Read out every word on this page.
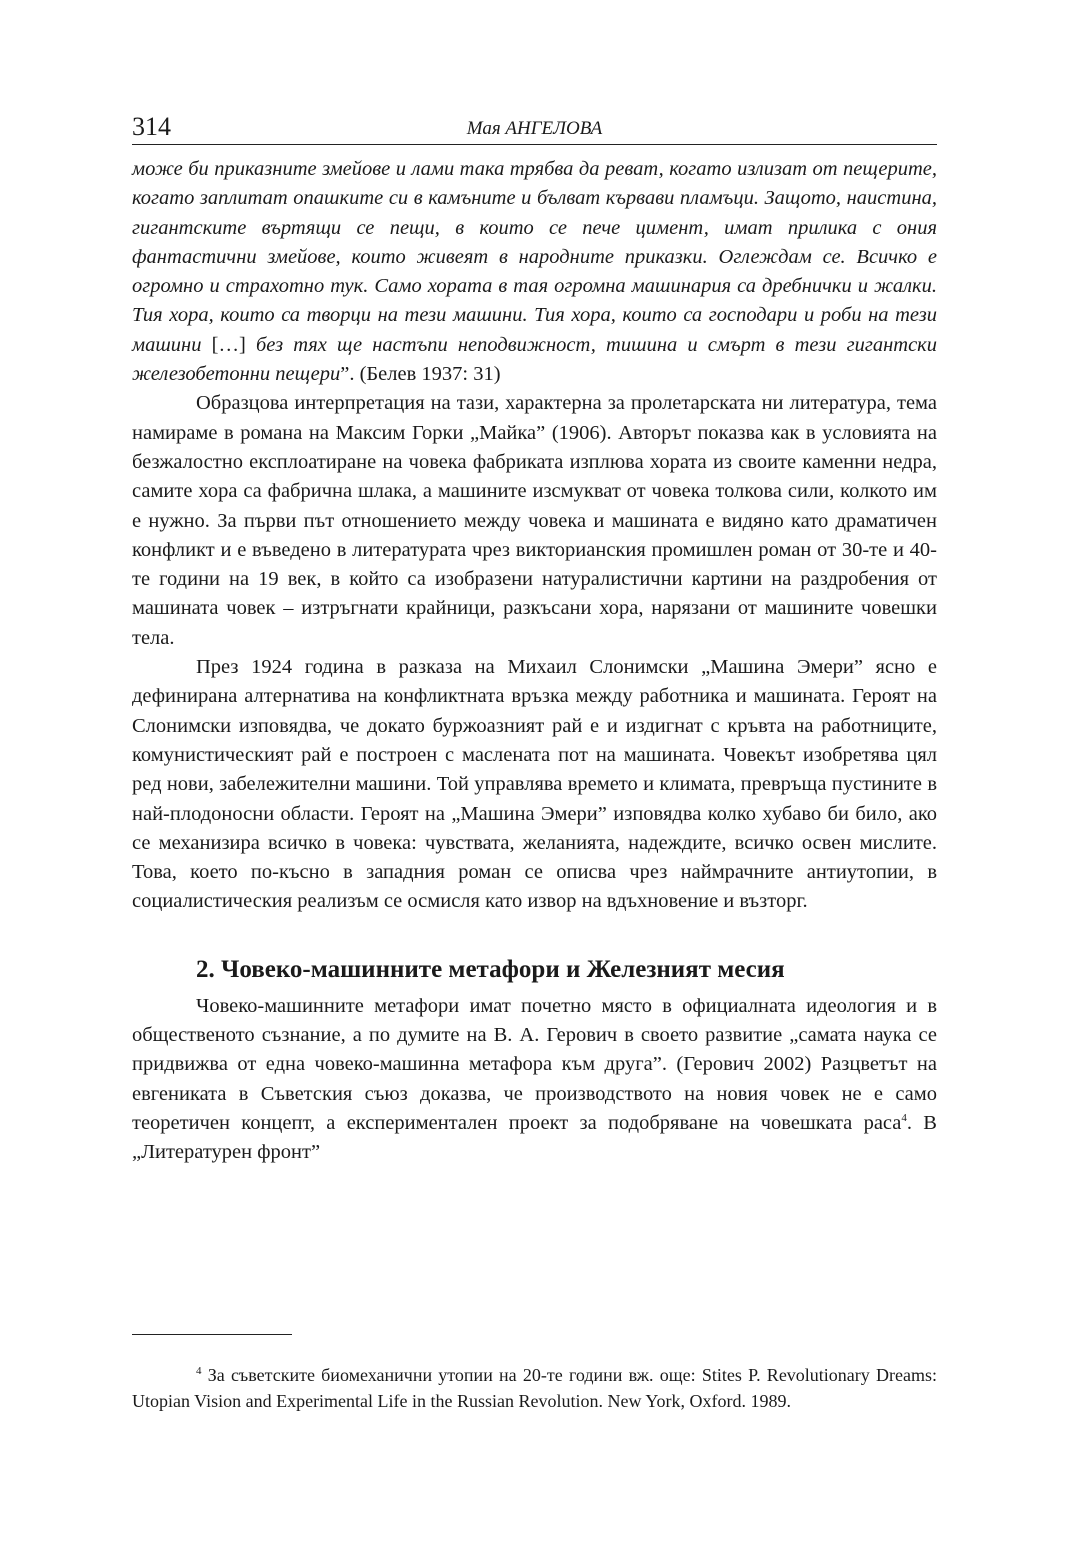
314	Мая АНГЕЛОВА

може би приказните змейове и лами така трябва да реват, когато излизат от пещерите, когато заплитат опашките си в камъните и бълват кървави пламъци. Защото, наистина, гигантските въртящи се пещи, в които се пече цимент, имат прилика с ония фантастични змейове, които живеят в народните приказки. Оглеждам се. Всичко е огромно и страхотно тук. Само хората в тая огромна машинария са дребнички и жалки. Тия хора, които са творци на тези машини. Тия хора, които са господари и роби на тези машини […] без тях ще настъпи неподвижност, тишина и смърт в тези гигантски железобетонни пещери”. (Белев 1937: 31)

Образцова интерпретация на тази, характерна за пролетарската ни литература, тема намираме в романа на Максим Горки „Майка” (1906). Авторът показва как в условията на безжалостно експлоатиране на човека фабриката изплюва хората из своите каменни недра, самите хора са фабрична шлака, а машините изсмукват от човека толкова сили, колкото им е нужно. За първи път отношението между човека и машината е видяно като драматичен конфликт и е въведено в литературата чрез викторианския промишлен роман от 30-те и 40-те години на 19 век, в който са изобразени натуралистични картини на раздробения от машината човек – изтръгнати крайници, разкъсани хора, нарязани от машините човешки тела.

През 1924 година в разказа на Михаил Слонимски „Машина Эмери” ясно е дефинирана алтернатива на конфликтната връзка между работника и машината. Героят на Слонимски изповядва, че докато буржоазният рай е и издигнат с кръвта на работниците, комунистическият рай е построен с маслената пот на машината. Човекът изобретява цял ред нови, забележителни машини. Той управлява времето и климата, превръща пустините в най-плодоносни области. Героят на „Машина Эмери” изповядва колко хубаво би било, ако се механизира всичко в човека: чувствата, желанията, надеждите, всичко освен мислите. Това, което по-късно в западния роман се описва чрез наймрачните антиутопии, в социалистическия реализъм се осмисля като извор на вдъхновение и възторг.

2. Човеко-машинните метафори и Железният месия

Човеко-машинните метафори имат почетно място в официалната идеология и в общественото съзнание, а по думите на В. А. Герович в своето развитие „самата наука се придвижва от една човеко-машинна метафора към друга”. (Герович 2002) Разцветът на евгениката в Съветския съюз доказва, че производството на новия човек не е само теоретичен концепт, а експериментален проект за подобряване на човешката раса$^4$. В „Литературен фронт”

$^4$ За съветските биомеханични утопии на 20-те години вж. още: Stites P. Revolutionary Dreams: Utopian Vision and Experimental Life in the Russian Revolution. New York, Oxford. 1989.
